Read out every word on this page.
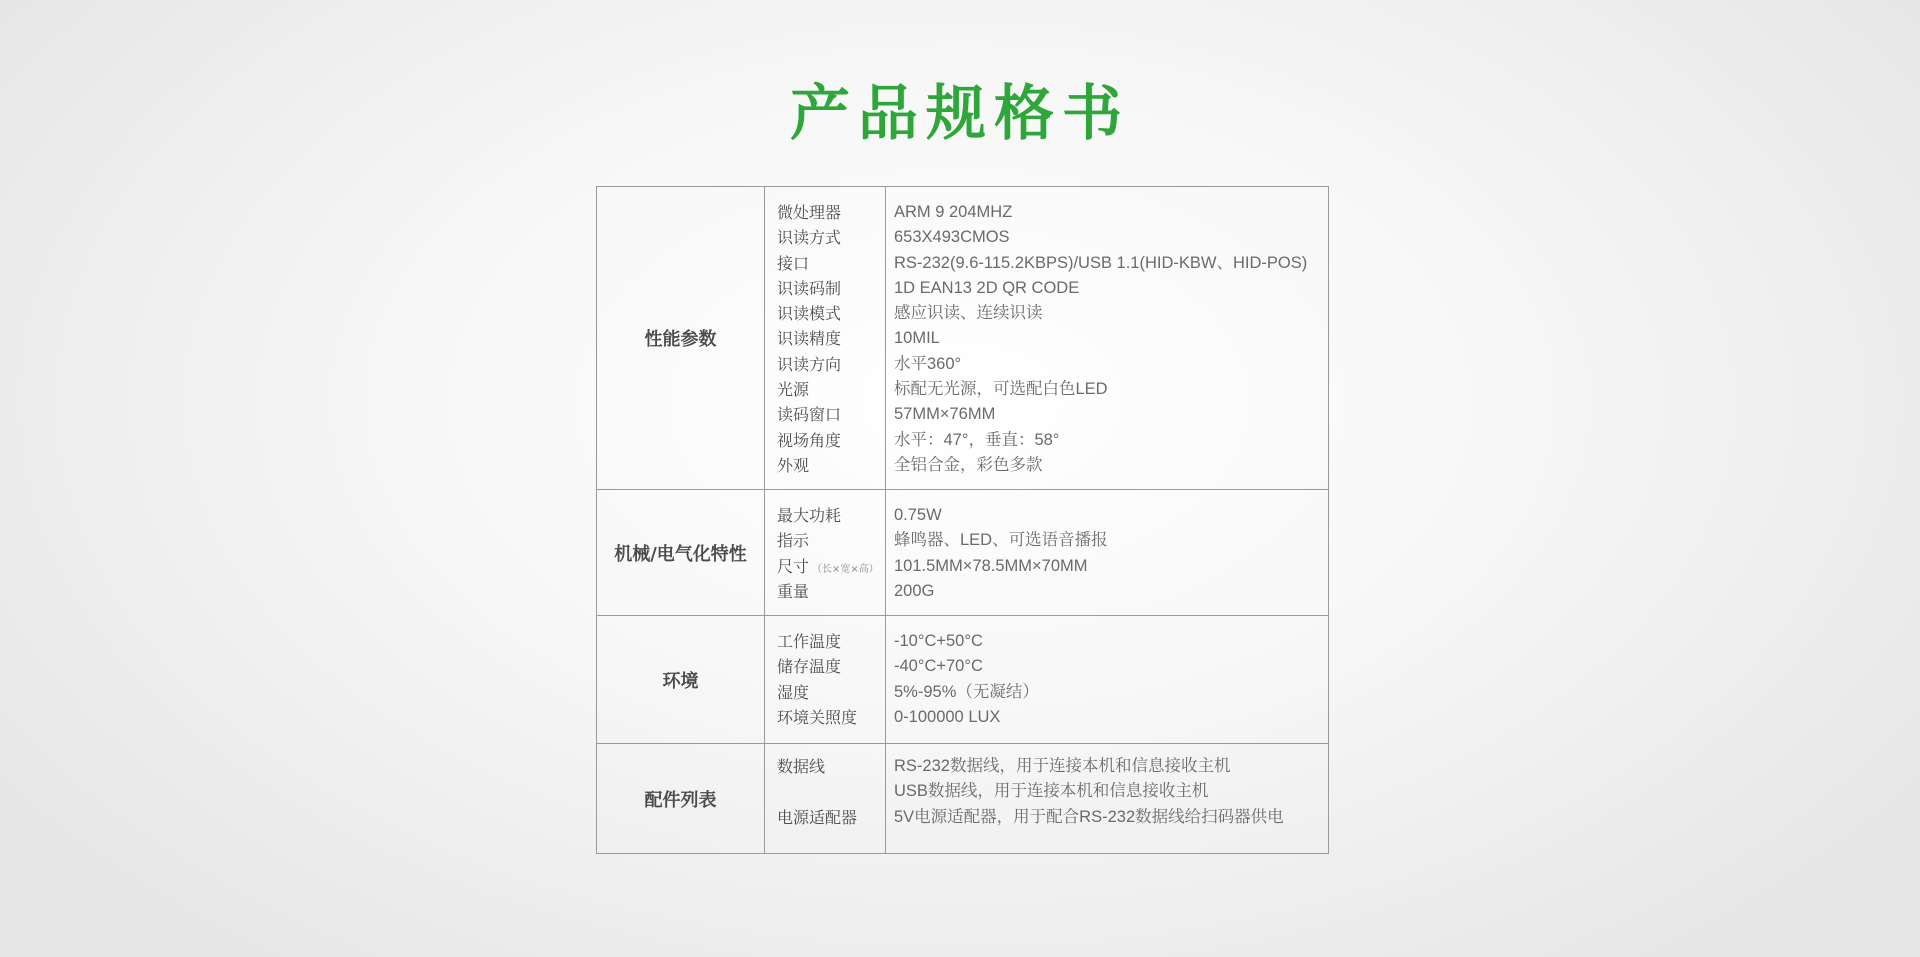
产品规格书
性能参数
微处理器
识读方式
接口
识读码制
识读模式
识读精度
识读方向
光源
读码窗口
视场角度
外观
ARM 9 204MHZ
653X493CMOS
RS-232(9.6-115.2KBPS)/USB 1.1(HID-KBW、HID-POS)
1D EAN13 2D QR CODE
感应识读、连续识读
10MIL
水平360°
标配无光源，可选配白色LED
57MM×76MM
水平：47°，垂直：58°
全铝合金，彩色多款
机械/电气化特性
最大功耗
指示
尺寸 （长×宽×高）
重量
0.75W
蜂鸣器、LED、可选语音播报
101.5MM×78.5MM×70MM
200G
环境
工作温度
储存温度
湿度
环境关照度
-10°C+50°C
-40°C+70°C
5%-95%（无凝结）
0-100000 LUX
配件列表
数据线
电源适配器
RS-232数据线，用于连接本机和信息接收主机
USB数据线，用于连接本机和信息接收主机
5V电源适配器，用于配合RS-232数据线给扫码器供电
